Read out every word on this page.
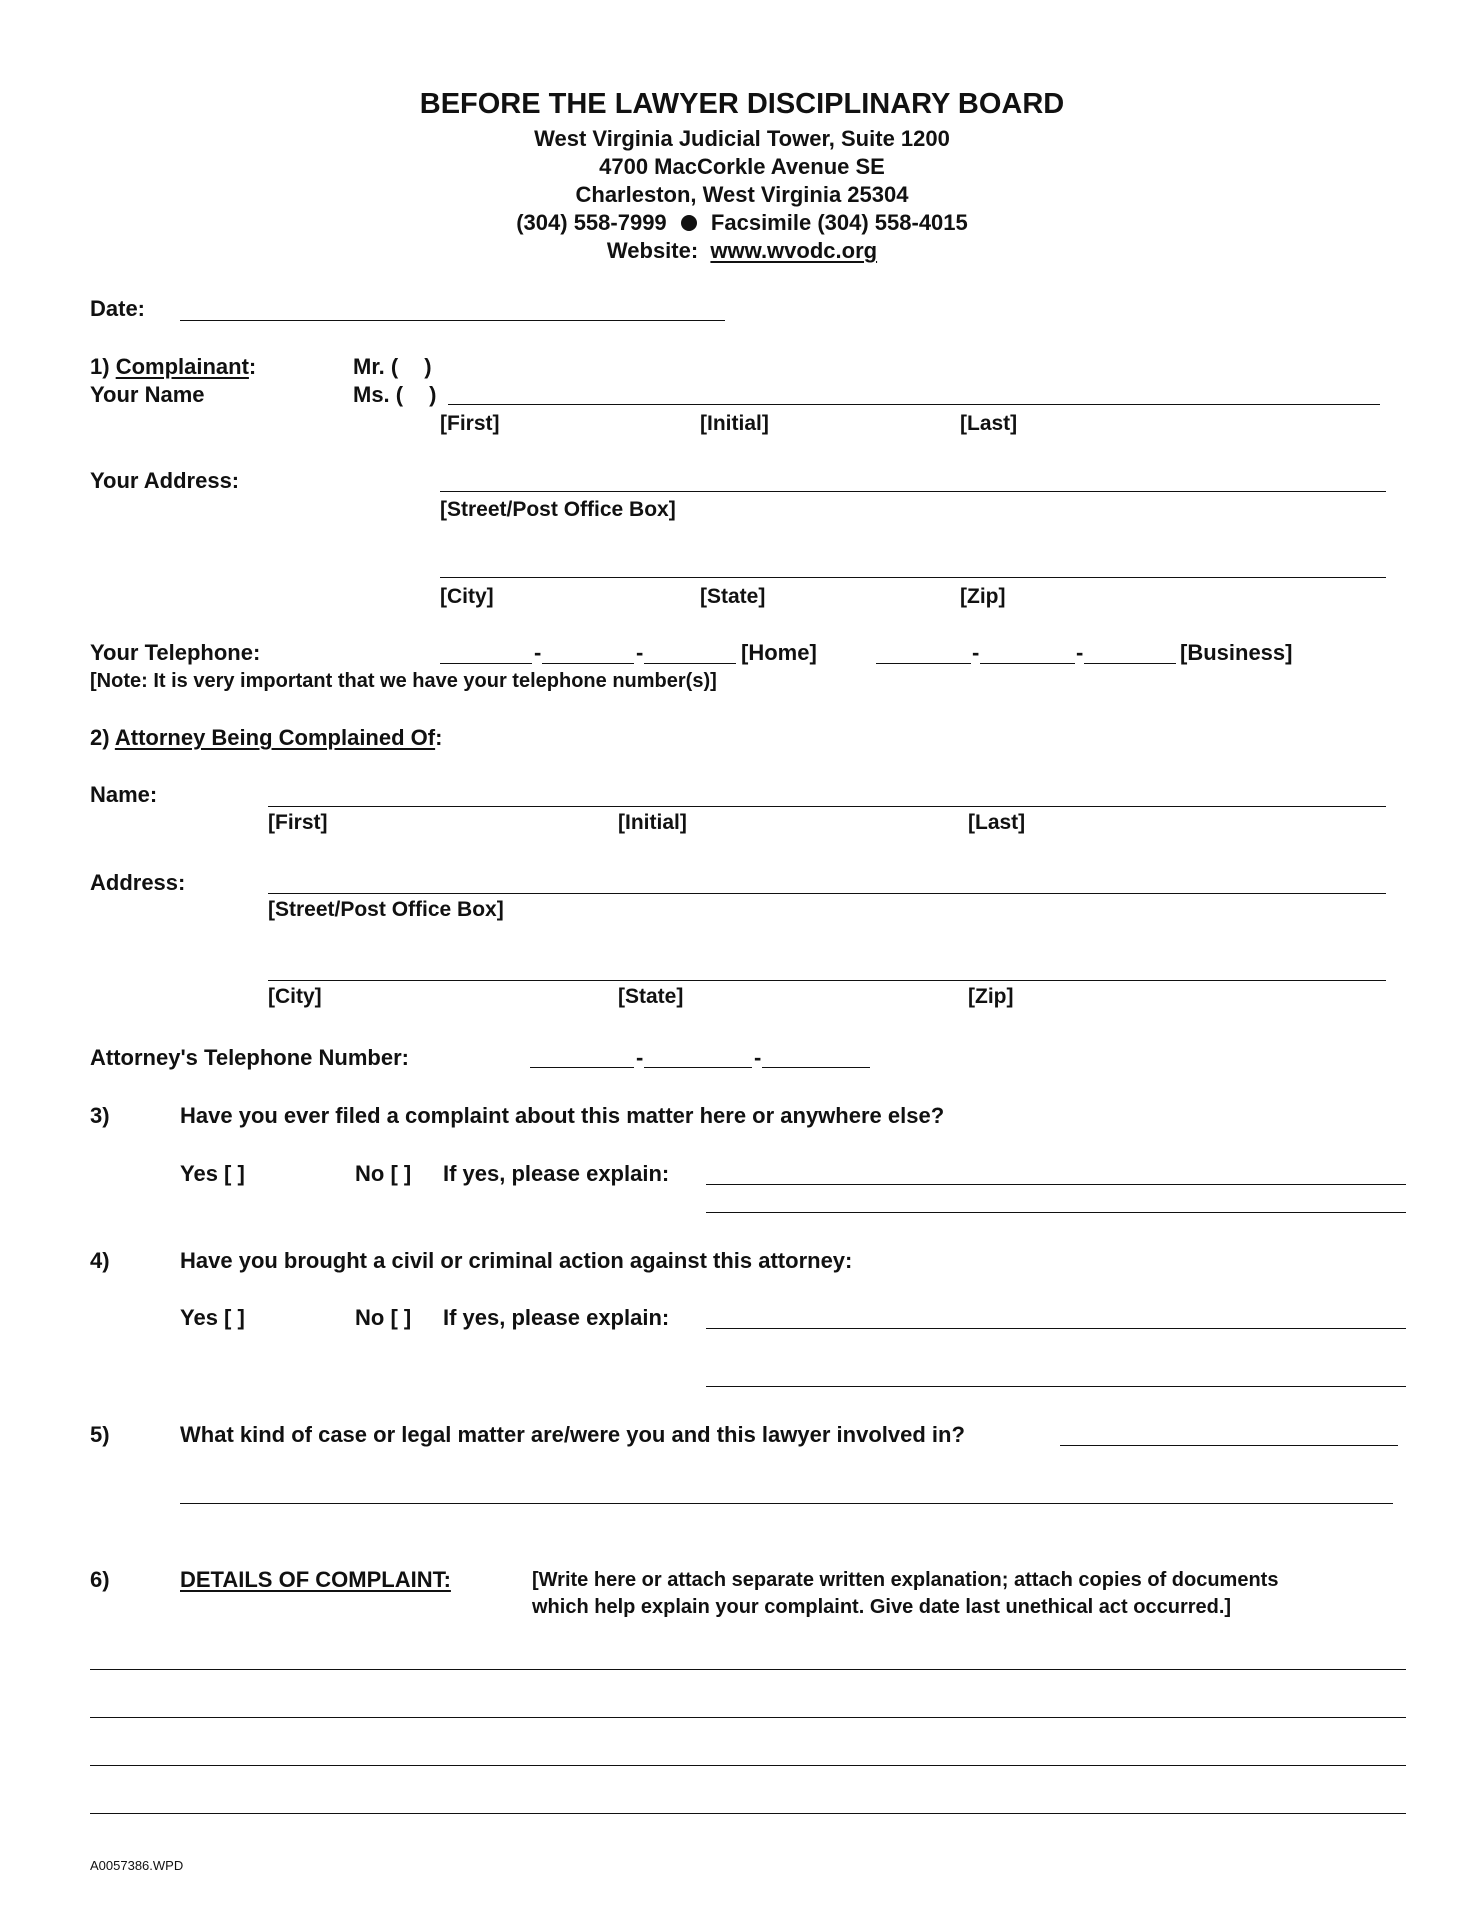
BEFORE THE LAWYER DISCIPLINARY BOARD
West Virginia Judicial Tower, Suite 1200
4700 MacCorkle Avenue SE
Charleston, West Virginia 25304
(304) 558-7999 Facsimile (304) 558-4015
Website: www.wvodc.org
Date:
1) Complainant:
Your Name
Mr. ( )
Ms. ( )
[First]	[Initial]	[Last]
Your Address:
[Street/Post Office Box]
[City]	[State]	[Zip]
Your Telephone:	-	-	[Home]	-	-	[Business]
[Note: It is very important that we have your telephone number(s)]
2) Attorney Being Complained Of:
Name:
[First]	[Initial]	[Last]
Address:
[Street/Post Office Box]
[City]	[State]	[Zip]
Attorney's Telephone Number:	-	-
3)	Have you ever filed a complaint about this matter here or anywhere else?
Yes [ ]	No [ ] If yes, please explain:
4)	Have you brought a civil or criminal action against this attorney:
Yes [ ]	No [ ] If yes, please explain:
5)	What kind of case or legal matter are/were you and this lawyer involved in?
6)	DETAILS OF COMPLAINT:	[Write here or attach separate written explanation; attach copies of documents
which help explain your complaint. Give date last unethical act occurred.]
A0057386.WPD
